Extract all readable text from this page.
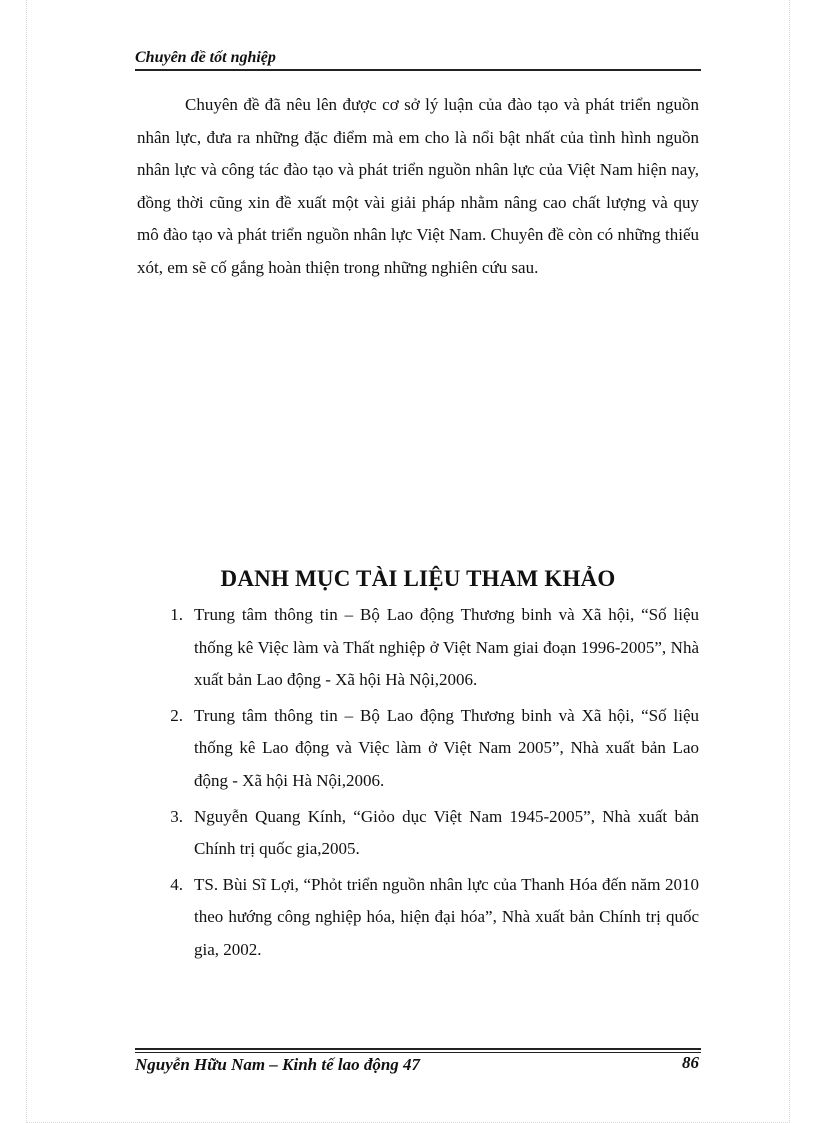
Chuyên đề tốt nghiệp

Chuyên đề đã nêu lên được cơ sở lý luận của đào tạo và phát triển nguồn nhân lực, đưa ra những đặc điểm mà em cho là nổi bật nhất của tình hình nguồn nhân lực và công tác đào tạo và phát triển nguồn nhân lực của Việt Nam hiện nay, đồng thời cũng xin đề xuất một vài giải pháp nhằm nâng cao chất lượng và quy mô đào tạo và phát triển nguồn nhân lực Việt Nam. Chuyên đề còn có những thiếu xót, em sẽ cố gắng hoàn thiện trong những nghiên cứu sau.

DANH MỤC TÀI LIỆU THAM KHẢO
1 . Trung tâm thông tin – Bộ Lao động Thương binh và Xã hội, “Số liệu thống kê Việc làm và Thất nghiệp ở Việt Nam giai đoạn 1996-2005”, Nhà xuất bản Lao động - Xã hội Hà Nội,2006.
2 . Trung tâm thông tin – Bộ Lao động Thương binh và Xã hội, “Số liệu thống kê Lao động và Việc làm ở Việt Nam 2005”, Nhà xuất bản Lao động - Xã hội Hà Nội,2006.
3 . Nguyễn Quang Kính, “Giỏo dục Việt Nam 1945-2005”, Nhà xuất bản Chính trị quốc gia,2005.
4 . TS. Bùi Sĩ Lợi, “Phỏt triển nguồn nhân lực của Thanh Hóa đến năm 2010 theo hướng công nghiệp hóa, hiện đại hóa”, Nhà xuất bản Chính trị quốc gia, 2002.
Nguyễn Hữu Nam – Kinh tế lao động 47	86
